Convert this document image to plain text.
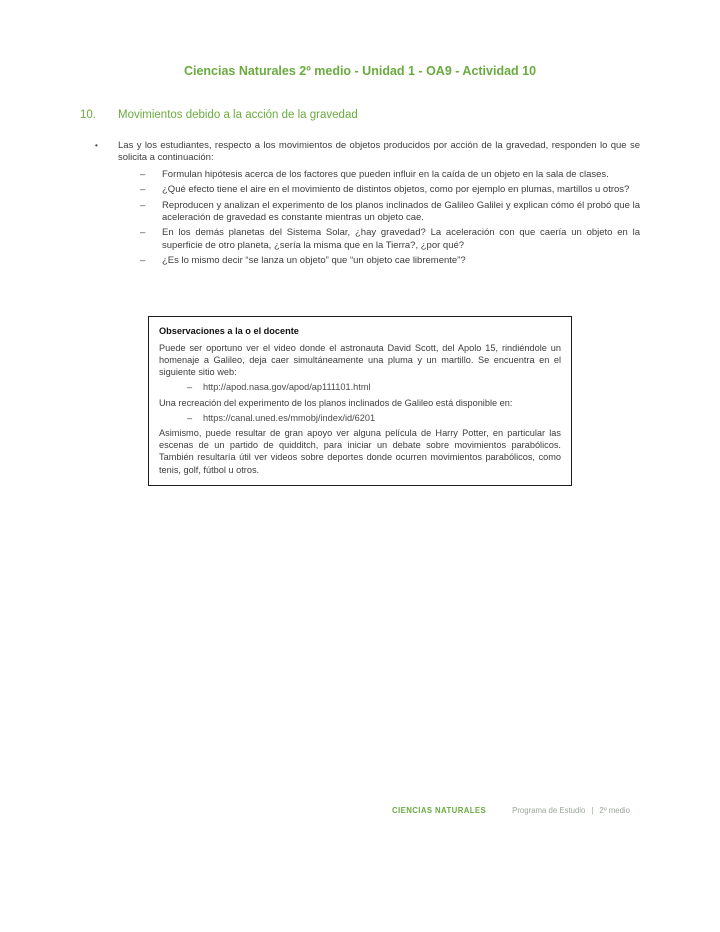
Ciencias Naturales 2º medio - Unidad 1 - OA9 - Actividad 10
10.	Movimientos debido a la acción de la gravedad
•	Las y los estudiantes, respecto a los movimientos de objetos producidos por acción de la gravedad, responden lo que se solicita a continuación:

–	Formulan hipótesis acerca de los factores que pueden influir en la caída de un objeto en la sala de clases.

–	¿Qué efecto tiene el aire en el movimiento de distintos objetos, como por ejemplo en plumas, martillos u otros?

–	Reproducen y analizan el experimento de los planos inclinados de Galileo Galilei y explican cómo él probó que la aceleración de gravedad es constante mientras un objeto cae.

–	En los demás planetas del Sistema Solar, ¿hay gravedad? La aceleración con que caería un objeto en la superficie de otro planeta, ¿sería la misma que en la Tierra?, ¿por qué?

–	¿Es lo mismo decir “se lanza un objeto” que “un objeto cae libremente”?

Observaciones a la o el docente

Puede ser oportuno ver el video donde el astronauta David Scott, del Apolo 15, rindiéndole un homenaje a Galileo, deja caer simultáneamente una pluma y un martillo. Se encuentra en el siguiente sitio web:

–	http://apod.nasa.gov/apod/ap111101.html

Una recreación del experimento de los planos inclinados de Galileo está disponible en:

–	https://canal.uned.es/mmobj/index/id/6201

Asimismo, puede resultar de gran apoyo ver alguna película de Harry Potter, en particular las escenas de un partido de quidditch, para iniciar un debate sobre movimientos parabólicos. También resultaría útil ver videos sobre deportes donde ocurren movimientos parabólicos, como tenis, golf, fútbol u otros.

CIENCIAS NATURALES	Programa de Estudio | 2º medio
